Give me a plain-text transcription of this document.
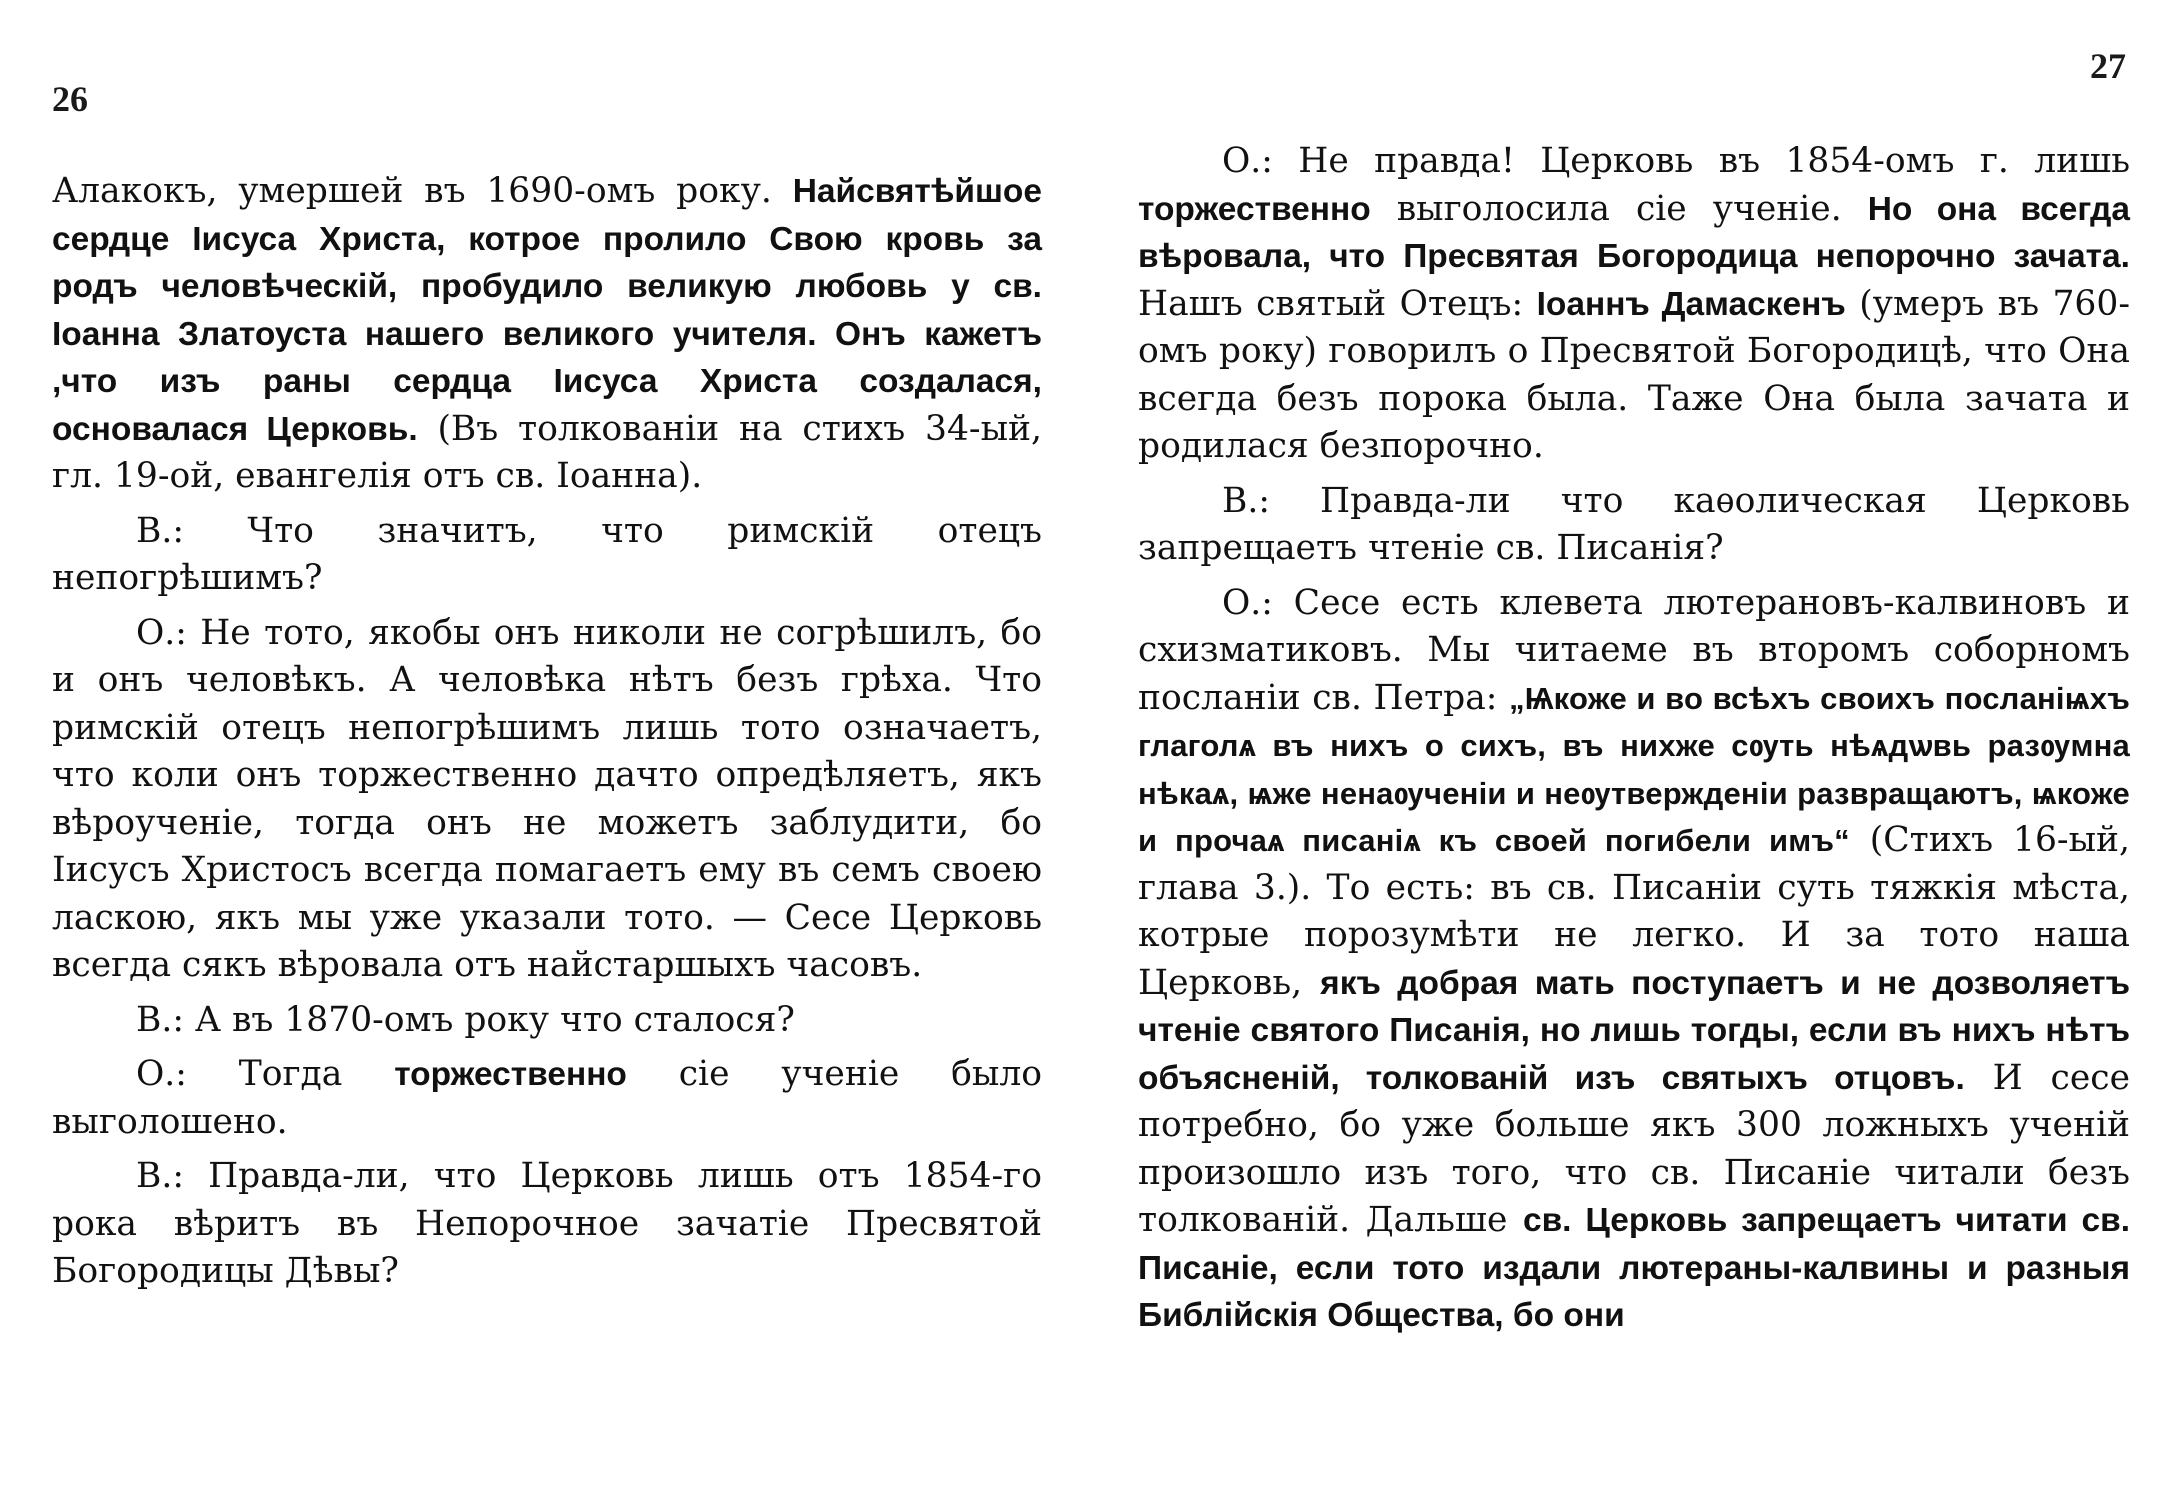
26

Алакокъ, умершей въ 1690-омъ року. Найсвятѣйшое сердце Іисуса Христа, котрое пролило Свою кровь за родъ человѣческій, пробудило великую любовь у св. Іоанна Златоуста нашего великого учителя. Онъ кажетъ ,что изъ раны сердца Іисуса Христа создалася, основалася Церковь. (Въ толкованіи на стихъ 34-ый, гл. 19-ой, евангелія отъ св. Іоанна).

В.: Что значитъ, что римскій отецъ непогрѣшимъ?

О.: Не тото, якобы онъ николи не согрѣшилъ, бо и онъ человѣкъ. А человѣка нѣтъ безъ грѣха. Что римскій отецъ непогрѣшимъ лишь тото означаетъ, что коли онъ торжественно дачто опредѣляетъ, якъ вѣроученіе, тогда онъ не можетъ заблудити, бо Іисусъ Христосъ всегда помагаетъ ему въ семъ своею ласкою, якъ мы уже указали тото. — Сесе Церковь всегда сякъ вѣровала отъ найстаршыхъ часовъ.

В.: А въ 1870-омъ року что сталося?

О.: Тогда торжественно сіе ученіе было выголошено.

В.: Правда-ли, что Церковь лишь отъ 1854-го рока вѣритъ въ Непорочное зачатіе Пресвятой Богородицы Дѣвы?

27

О.: Не правда! Церковь въ 1854-омъ г. лишь торжественно выголосила сіе ученіе. Но она всегда вѣровала, что Пресвятая Богородица непорочно зачата. Нашъ святый Отецъ: Іоаннъ Дамаскенъ (умеръ въ 760-омъ року) говорилъ о Пресвятой Богородицѣ, что Она всегда безъ порока была. Таже Она была зачата и родилася безпорочно.

В.: Правда-ли что каѳолическая Церковь запрещаетъ чтеніе св. Писанія?

О.: Сесе есть клевета лютерановъ-калвиновъ и схизматиковъ. Мы читаеме въ второмъ соборномъ посланіи св. Петра: „Ѩкоже и во всѣхъ своихъ посланіѩхъ глаголѧ въ нихъ о сихъ, въ нихже сѹть нѣѧдѡвь разѹмна нѣкаѧ, ѩже ненаѹченіи и неѹтвержденіи развращаютъ, ѩкоже и прочаѧ писаніѧ къ своей погибели имъ“ (Стихъ 16-ый, глава 3.). То есть: въ св. Писаніи суть тяжкія мѣста, котрые порозумѣти не легко. И за тото наша Церковь, якъ добрая мать поступаетъ и не дозволяетъ чтеніе святого Писанія, но лишь тогды, если въ нихъ нѣтъ объясненій, толкованій изъ святыхъ отцовъ. И сесе потребно, бо уже больше якъ 300 ложныхъ ученій произошло изъ того, что св. Писаніе читали безъ толкованій. Дальше св. Церковь запрещаетъ читати св. Писаніе, если тото издали лютераны-калвины и разныя Библійскія Общества, бо они
